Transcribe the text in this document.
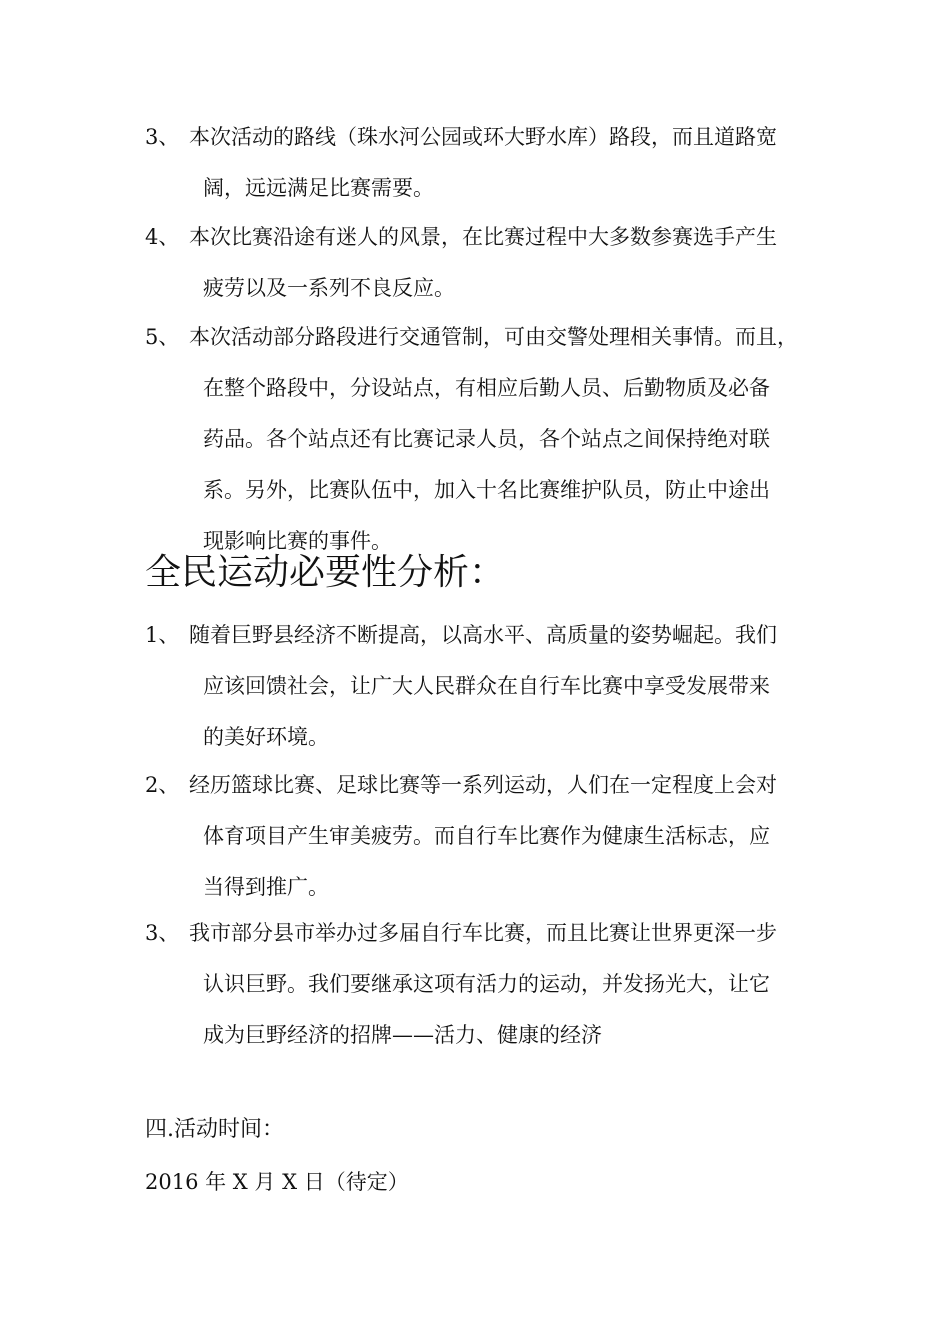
3、 本次活动的路线（珠水河公园或环大野水库）路段，而且道路宽
阔，远远满足比赛需要。
4、 本次比赛沿途有迷人的风景，在比赛过程中大多数参赛选手产生
疲劳以及一系列不良反应。
5、 本次活动部分路段进行交通管制，可由交警处理相关事情。而且，
在整个路段中，分设站点，有相应后勤人员、后勤物质及必备
药品。各个站点还有比赛记录人员，各个站点之间保持绝对联
系。另外，比赛队伍中，加入十名比赛维护队员，防止中途出
现影响比赛的事件。
全民运动必要性分析：
1、 随着巨野县经济不断提高，以高水平、高质量的姿势崛起。我们
应该回馈社会，让广大人民群众在自行车比赛中享受发展带来
的美好环境。
2、 经历篮球比赛、足球比赛等一系列运动，人们在一定程度上会对
体育项目产生审美疲劳。而自行车比赛作为健康生活标志，应
当得到推广。
3、 我市部分县市举办过多届自行车比赛，而且比赛让世界更深一步
认识巨野。我们要继承这项有活力的运动，并发扬光大，让它
成为巨野经济的招牌——活力、健康的经济
四.活动时间：
2016 年 X 月 X 日（待定）
